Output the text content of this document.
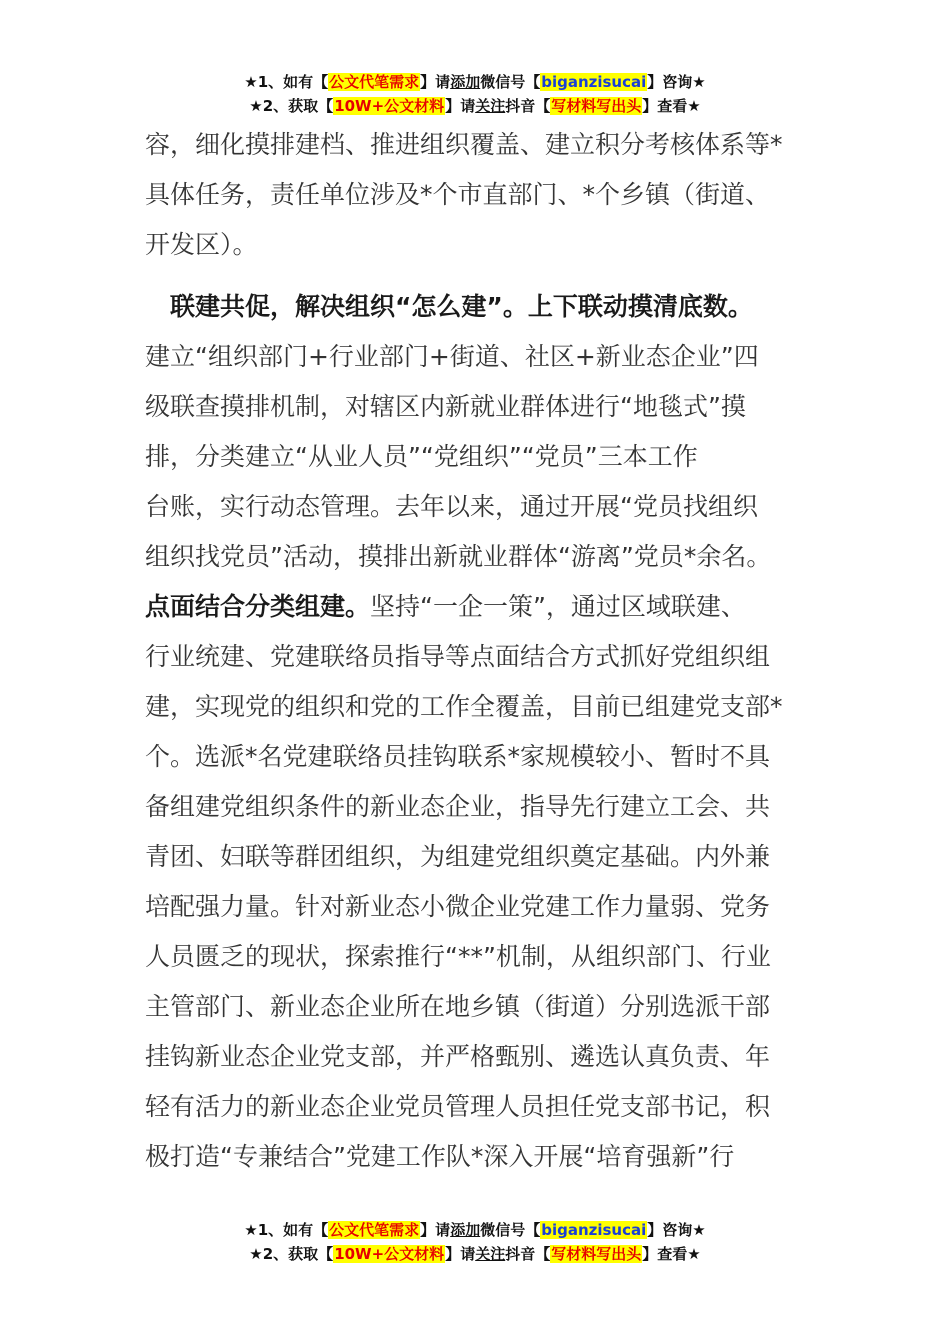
★1、如有【公文代笔需求】请添加微信号【biganzisucai】咨询★
★2、获取【10W+公文材料】请关注抖音【写材料写出头】查看★
容，细化摸排建档、推进组织覆盖、建立积分考核体系等*
具体任务，责任单位涉及*个市直部门、*个乡镇（街道、
开发区）。
　联建共促，解决组织“怎么建”。上下联动摸清底数。
建立“组织部门+行业部门+街道、社区+新业态企业”四
级联查摸排机制，对辖区内新就业群体进行“地毯式”摸
排，分类建立“从业人员”“党组织”“党员”三本工作
台账，实行动态管理。去年以来，通过开展“党员找组织
组织找党员”活动，摸排出新就业群体“游离”党员*余名。
点面结合分类组建。坚持“一企一策”，通过区域联建、
行业统建、党建联络员指导等点面结合方式抓好党组织组
建，实现党的组织和党的工作全覆盖，目前已组建党支部*
个。选派*名党建联络员挂钩联系*家规模较小、暂时不具
备组建党组织条件的新业态企业，指导先行建立工会、共
青团、妇联等群团组织，为组建党组织奠定基础。内外兼
培配强力量。针对新业态小微企业党建工作力量弱、党务
人员匮乏的现状，探索推行“**”机制，从组织部门、行业
主管部门、新业态企业所在地乡镇（街道）分别选派干部
挂钩新业态企业党支部，并严格甄别、遴选认真负责、年
轻有活力的新业态企业党员管理人员担任党支部书记，积
极打造“专兼结合”党建工作队*深入开展“培育强新”行
★1、如有【公文代笔需求】请添加微信号【biganzisucai】咨询★
★2、获取【10W+公文材料】请关注抖音【写材料写出头】查看★
